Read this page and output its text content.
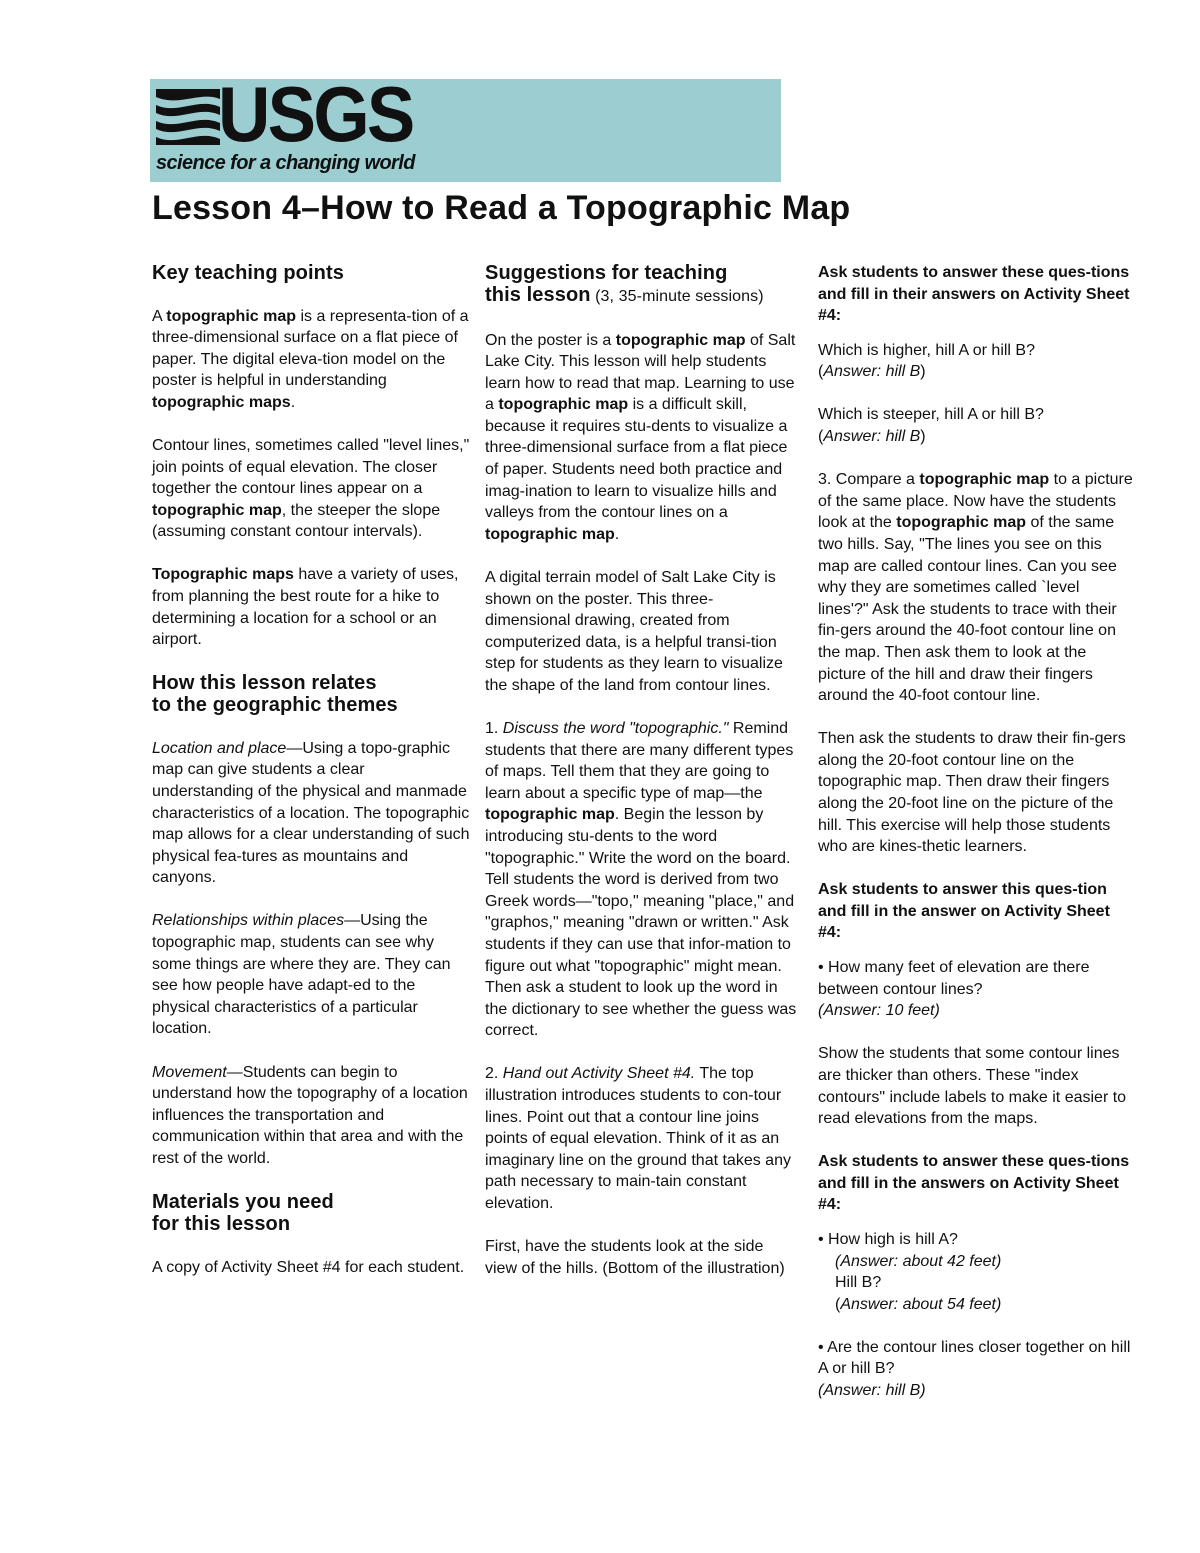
USGS
science for a changing world
Lesson 4–How to Read a Topographic Map
Key teaching points

A topographic map is a representa-tion of a three-dimensional surface on a flat piece of paper. The digital eleva-tion model on the poster is helpful in understanding topographic maps.

Contour lines, sometimes called "level lines," join points of equal elevation. The closer together the contour lines appear on a topographic map, the steeper the slope (assuming constant contour intervals).

Topographic maps have a variety of uses, from planning the best route for a hike to determining a location for a school or an airport.

How this lesson relates
to the geographic themes

Location and place—Using a topo-graphic map can give students a clear understanding of the physical and manmade characteristics of a location. The topographic map allows for a clear understanding of such physical fea-tures as mountains and canyons.

Relationships within places—Using the topographic map, students can see why some things are where they are. They can see how people have adapt-ed to the physical characteristics of a particular location.

Movement—Students can begin to understand how the topography of a location influences the transportation and communication within that area and with the rest of the world.

Materials you need
for this lesson

A copy of Activity Sheet #4 for each student.

Suggestions for teaching
this lesson (3, 35-minute sessions)

On the poster is a topographic map of Salt Lake City. This lesson will help students learn how to read that map. Learning to use a topographic map is a difficult skill, because it requires stu-dents to visualize a three-dimensional surface from a flat piece of paper. Students need both practice and imag-ination to learn to visualize hills and valleys from the contour lines on a topographic map.

A digital terrain model of Salt Lake City is shown on the poster. This three-dimensional drawing, created from computerized data, is a helpful transi-tion step for students as they learn to visualize the shape of the land from contour lines.

1. Discuss the word "topographic." Remind students that there are many different types of maps. Tell them that they are going to learn about a specific type of map—the topographic map. Begin the lesson by introducing stu-dents to the word "topographic." Write the word on the board. Tell students the word is derived from two Greek words—"topo," meaning "place," and "graphos," meaning "drawn or written." Ask students if they can use that infor-mation to figure out what "topographic" might mean. Then ask a student to look up the word in the dictionary to see whether the guess was correct.

2. Hand out Activity Sheet #4. The top illustration introduces students to con-tour lines. Point out that a contour line joins points of equal elevation. Think of it as an imaginary line on the ground that takes any path necessary to main-tain constant elevation.

First, have the students look at the side view of the hills. (Bottom of the illustration)

Ask students to answer these ques-tions and fill in their answers on Activity Sheet #4:

Which is higher, hill A or hill B?
(Answer: hill B)

Which is steeper, hill A or hill B?
(Answer: hill B)

3. Compare a topographic map to a picture of the same place. Now have the students look at the topographic map of the same two hills. Say, "The lines you see on this map are called contour lines. Can you see why they are sometimes called `level lines'?" Ask the students to trace with their fin-gers around the 40-foot contour line on the map. Then ask them to look at the picture of the hill and draw their fingers around the 40-foot contour line.

Then ask the students to draw their fin-gers along the 20-foot contour line on the topographic map. Then draw their fingers along the 20-foot line on the picture of the hill. This exercise will help those students who are kines-thetic learners.

Ask students to answer this ques-tion and fill in the answer on Activity Sheet #4:

• How many feet of elevation are there between contour lines?
(Answer: 10 feet)

Show the students that some contour lines are thicker than others. These "index contours" include labels to make it easier to read elevations from the maps.

Ask students to answer these ques-tions and fill in the answers on Activity Sheet #4:

• How high is hill A?
(Answer: about 42 feet)
Hill B?
(Answer: about 54 feet)

• Are the contour lines closer together on hill A or hill B?
(Answer: hill B)
